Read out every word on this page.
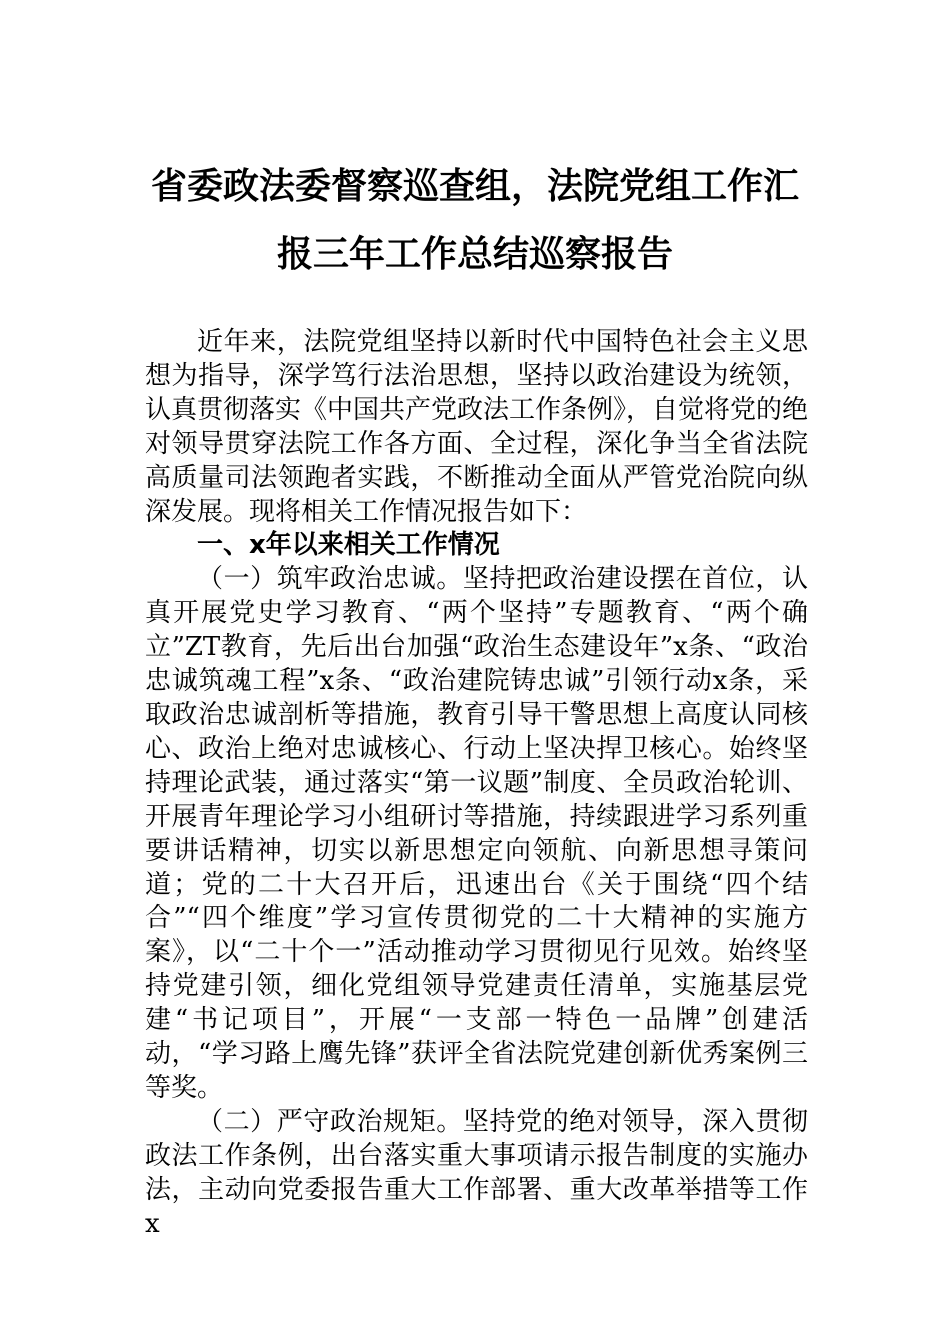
省委政法委督察巡查组，法院党组工作汇
报三年工作总结巡察报告

近年来，法院党组坚持以新时代中国特色社会主义思想为指导，深学笃行法治思想，坚持以政治建设为统领，认真贯彻落实《中国共产党政法工作条例》，自觉将党的绝对领导贯穿法院工作各方面、全过程，深化争当全省法院高质量司法领跑者实践，不断推动全面从严管党治院向纵深发展。现将相关工作情况报告如下：

一、x年以来相关工作情况

（一）筑牢政治忠诚。坚持把政治建设摆在首位，认真开展党史学习教育、“两个坚持”专题教育、“两个确立”ZT教育，先后出台加强“政治生态建设年”x条、“政治忠诚筑魂工程”x条、“政治建院铸忠诚”引领行动x条，采取政治忠诚剖析等措施，教育引导干警思想上高度认同核心、政治上绝对忠诚核心、行动上坚决捍卫核心。始终坚持理论武装，通过落实“第一议题”制度、全员政治轮训、开展青年理论学习小组研讨等措施，持续跟进学习系列重要讲话精神，切实以新思想定向领航、向新思想寻策问道；党的二十大召开后，迅速出台《关于围绕“四个结合”“四个维度”学习宣传贯彻党的二十大精神的实施方案》，以“二十个一”活动推动学习贯彻见行见效。始终坚持党建引领，细化党组领导党建责任清单，实施基层党建“书记项目”，开展“一支部一特色一品牌”创建活动，“学习路上鹰先锋”获评全省法院党建创新优秀案例三等奖。

（二）严守政治规矩。坚持党的绝对领导，深入贯彻政法工作条例，出台落实重大事项请示报告制度的实施办法，主动向党委报告重大工作部署、重大改革举措等工作x
